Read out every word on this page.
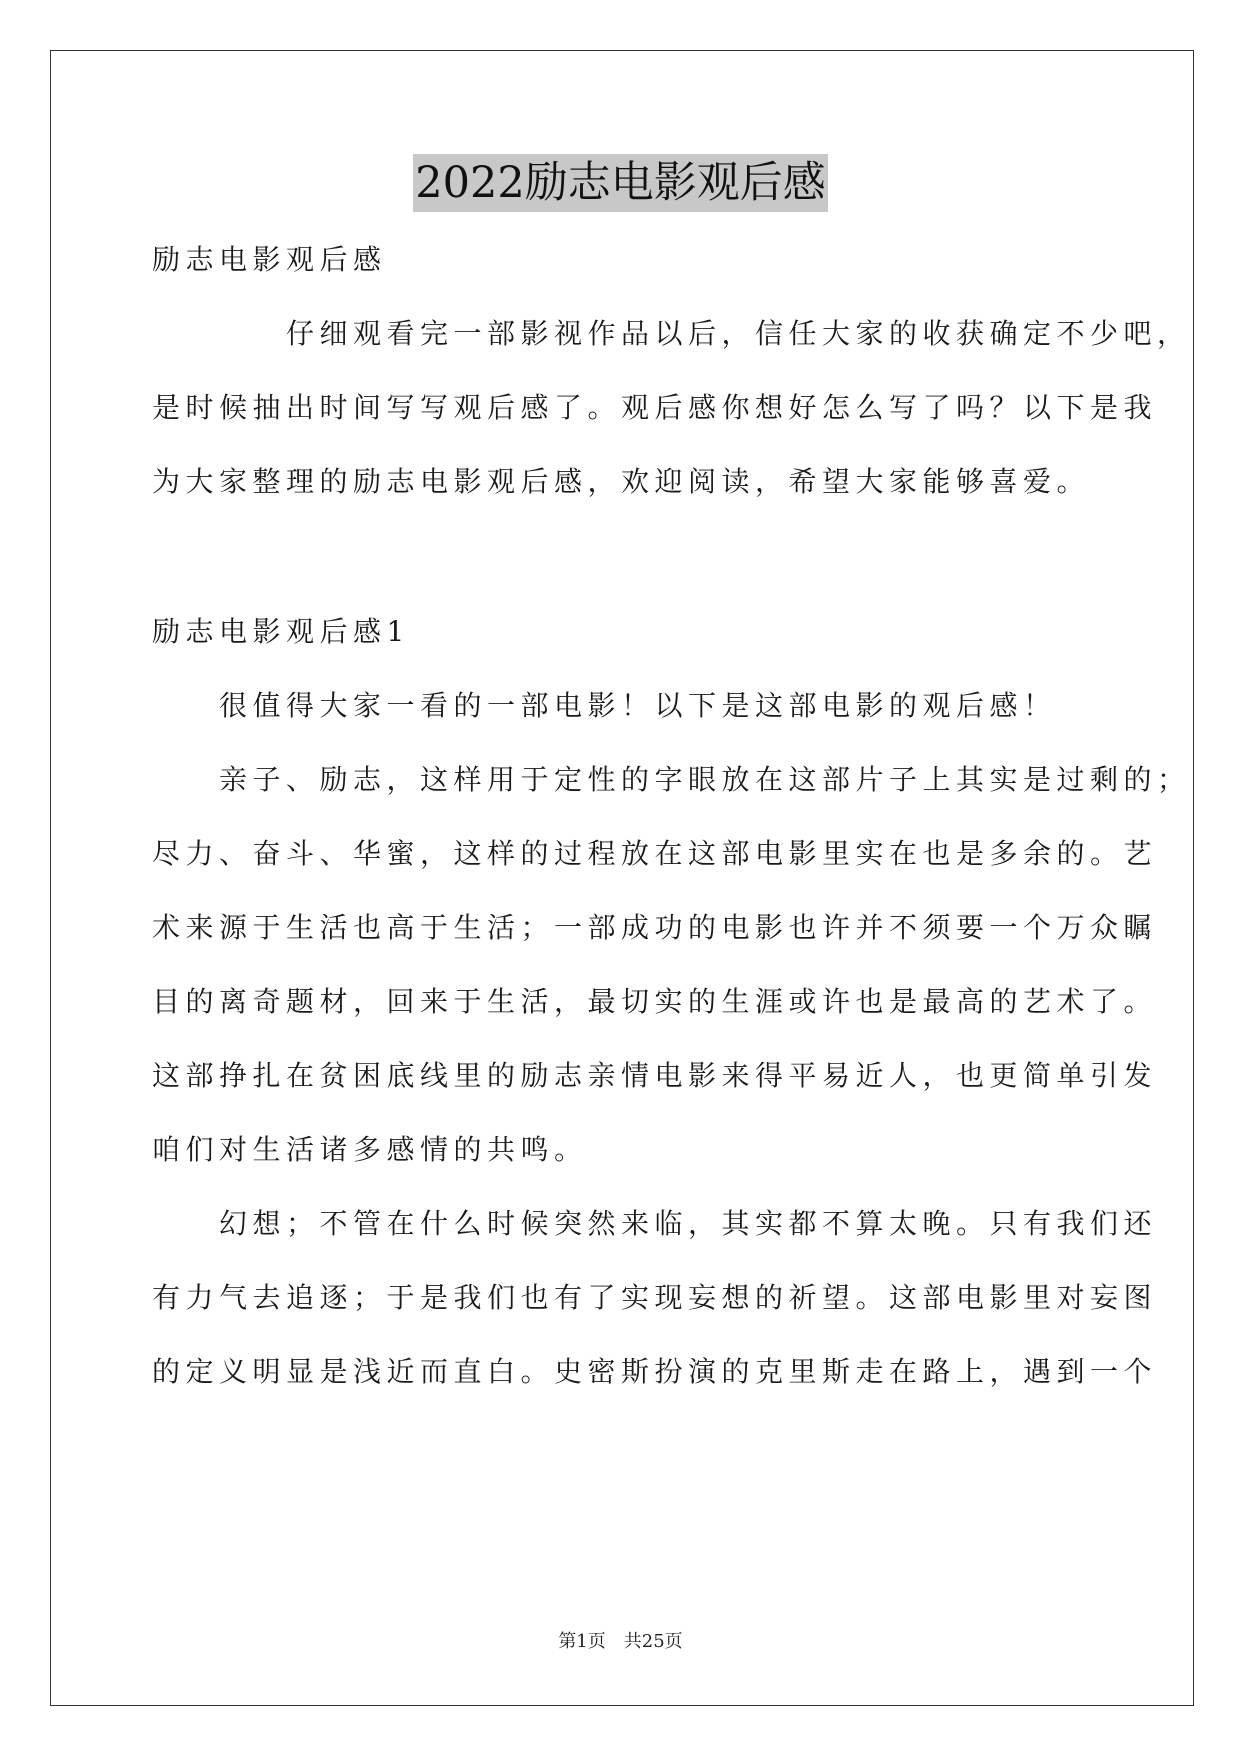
2022励志电影观后感
励志电影观后感
　　　　仔细观看完一部影视作品以后，信任大家的收获确定不少吧，
是时候抽出时间写写观后感了。观后感你想好怎么写了吗？以下是我
为大家整理的励志电影观后感，欢迎阅读，希望大家能够喜爱。
励志电影观后感1
　　很值得大家一看的一部电影！以下是这部电影的观后感！
　　亲子、励志，这样用于定性的字眼放在这部片子上其实是过剩的；
尽力、奋斗、华蜜，这样的过程放在这部电影里实在也是多余的。艺
术来源于生活也高于生活；一部成功的电影也许并不须要一个万众瞩
目的离奇题材，回来于生活，最切实的生涯或许也是最高的艺术了。
这部挣扎在贫困底线里的励志亲情电影来得平易近人，也更简单引发
咱们对生活诸多感情的共鸣。
　　幻想；不管在什么时候突然来临，其实都不算太晚。只有我们还
有力气去追逐；于是我们也有了实现妄想的祈望。这部电影里对妄图
的定义明显是浅近而直白。史密斯扮演的克里斯走在路上，遇到一个
第1页　共25页
